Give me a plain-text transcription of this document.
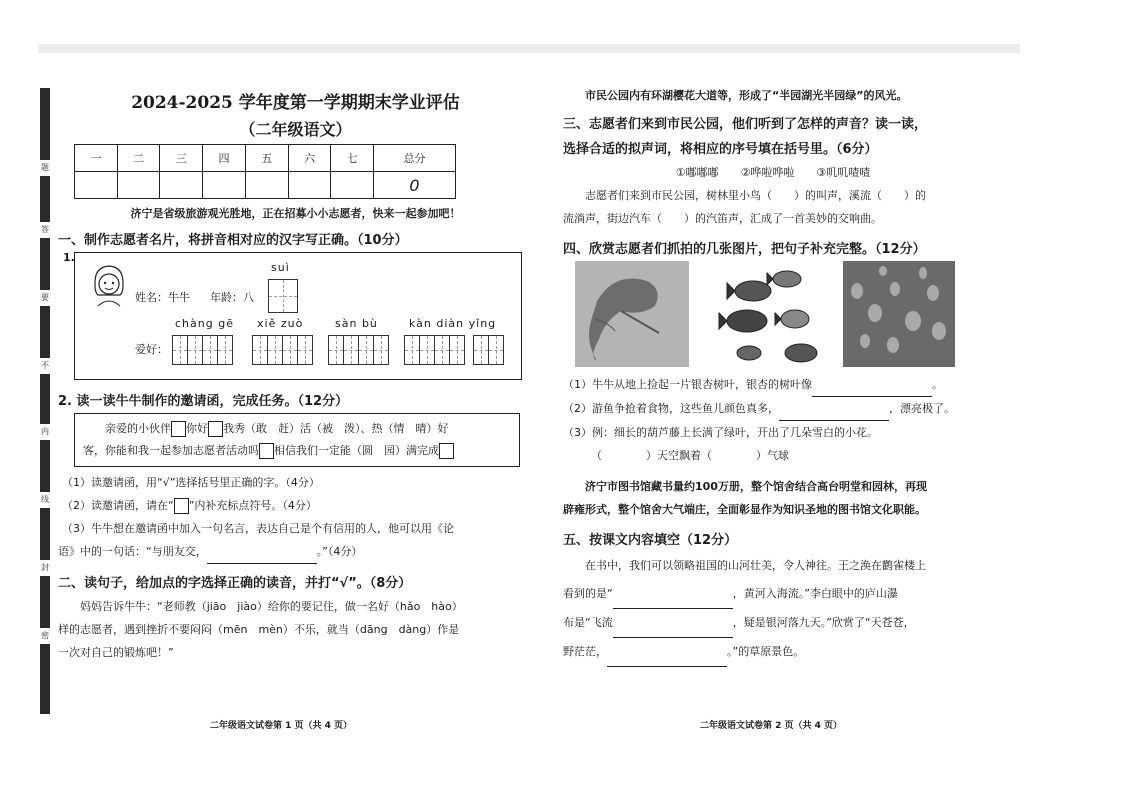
题
答
要
不
内
线
封
密
2024-2025 学年度第一学期期末学业评估
（二年级语文）
一	二	三	四	五	六	七	总分
							0
济宁是省级旅游观光胜地，正在招募小小志愿者，快来一起参加吧！
一、制作志愿者名片，将拼音相对应的汉字写正确。（10分）
1.
姓名：牛牛 年龄：八
suì
爱好：
chàng gē xiě zuò	sàn bù	kàn diàn yǐng
2. 读一读牛牛制作的邀请函，完成任务。（12分）
亲爱的小伙伴 你好 我秀（敢　赶）活（被　泼）、热（情　晴）好
客，你能和我一起参加志愿者活动吗 相信我们一定能（圆　园）满完成

（1）读邀请函，用“√”选择括号里正确的字。（4分）

（2）读邀请函，请在“ ”内补充标点符号。（4分）

（3）牛牛想在邀请函中加入一句名言，表达自己是个有信用的人，他可以用《论

语》中的一句话：“与朋友交，	。”（4分）

二、读句子，给加点的字选择正确的读音，并打“√”。（8分）

妈妈告诉牛牛：“老师教（jiāo　jiào）给你的要记住，做一名好（hǎo　hào）

样的志愿者，遇到挫折不要闷闷（mēn　mèn）不乐，就当（dāng　dàng）作是

一次对自己的锻炼吧！”

二年级语文试卷第 1 页（共 4 页）

市民公园内有环湖樱花大道等，形成了“半园湖光半园绿”的风光。

三、志愿者们来到市民公园，他们听到了怎样的声音？读一读，
选择合适的拟声词，将相应的序号填在括号里。（6分）

①嘟嘟嘟　　②哗啦哗啦　　③叽叽喳喳

志愿者们来到市民公园，树林里小鸟（　　）的叫声，溪流（　　）的

流淌声，街边汽车（　　）的汽笛声，汇成了一首美妙的交响曲。

四、欣赏志愿者们抓拍的几张图片，把句子补充完整。（12分）

（1）牛牛从地上捡起一片银杏树叶，银杏的树叶像	。

（2）游鱼争抢着食物，这些鱼儿颜色真多，	，漂亮极了。

（3）例：细长的葫芦藤上长满了绿叶，开出了几朵雪白的小花。

（　　　　）天空飘着（　　　　）气球

济宁市图书馆藏书量约100万册，整个馆舍结合高台明堂和园林，再现

辟雍形式，整个馆舍大气端庄，全面彰显作为知识圣地的图书馆文化职能。

五、按课文内容填空（12分）

在书中，我们可以领略祖国的山河壮美，令人神往。王之涣在鹳雀楼上

看到的是“	，黄河入海流。”李白眼中的庐山瀑

布是“飞流	，疑是银河落九天。”欣赏了“天苍苍，

野茫茫，	。”的草原景色。

二年级语文试卷第 2 页（共 4 页）
